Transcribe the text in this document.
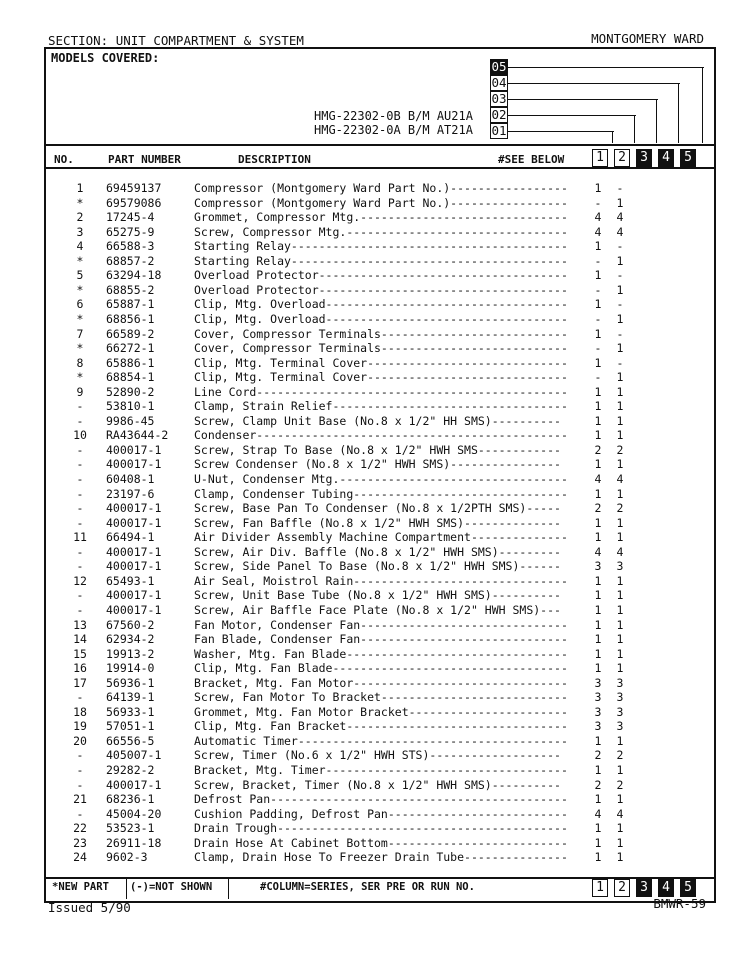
SECTION: UNIT COMPARTMENT & SYSTEM	MONTGOMERY WARD
MODELS COVERED:
05
04
03
02
01
HMG-22302-0B B/M AU21A
HMG-22302-0A B/M AT21A
NO.	PART NUMBER	DESCRIPTION	#SEE BELOW	1	2	3	4	5
1	69459137	Compressor (Montgomery Ward Part No.)----------------- 1 -
*	69579086	Compressor (Montgomery Ward Part No.)----------------- - 1
2	17245-4	Grommet, Compressor Mtg.------------------------------ 4 4
3	65275-9	Screw, Compressor Mtg.-------------------------------- 4 4
4	66588-3	Starting Relay---------------------------------------- 1 -
*	68857-2	Starting Relay---------------------------------------- - 1
5	63294-18	Overload Protector------------------------------------ 1 -
*	68855-2	Overload Protector------------------------------------ - 1
6	65887-1	Clip, Mtg. Overload----------------------------------- 1 -
*	68856-1	Clip, Mtg. Overload----------------------------------- - 1
7	66589-2	Cover, Compressor Terminals--------------------------- 1 -
*	66272-1	Cover, Compressor Terminals--------------------------- - 1
8	65886-1	Clip, Mtg. Terminal Cover----------------------------- 1 -
*	68854-1	Clip, Mtg. Terminal Cover----------------------------- - 1
9	52890-2	Line Cord--------------------------------------------- 1 1
-	53810-1	Clamp, Strain Relief---------------------------------- 1 1
-	9986-45	Screw, Clamp Unit Base (No.8 x 1/2" HH SMS)----------	1 1
10	RA43644-2 Condenser--------------------------------------------- 1 1
-	400017-1	Screw, Strap To Base (No.8 x 1/2" HWH SMS------------	2 2
-	400017-1	Screw Condenser (No.8 x 1/2" HWH SMS)----------------	1 1
-	60408-1	U-Nut, Condenser Mtg.--------------------------------- 4 4
-	23197-6	Clamp, Condenser Tubing------------------------------- 1 1
-	400017-1	Screw, Base Pan To Condenser (No.8 x 1/2PTH SMS)-----	2 2
-	400017-1	Screw, Fan Baffle (No.8 x 1/2" HWH SMS)--------------	1 1
11	66494-1	Air Divider Assembly Machine Compartment-------------- 1 1
-	400017-1	Screw, Air Div. Baffle (No.8 x 1/2" HWH SMS)---------	4 4
-	400017-1	Screw, Side Panel To Base (No.8 x 1/2" HWH SMS)------	3 3
12	65493-1	Air Seal, Moistrol Rain------------------------------- 1 1
-	400017-1	Screw, Unit Base Tube (No.8 x 1/2" HWH SMS)----------	1 1
-	400017-1	Screw, Air Baffle Face Plate (No.8 x 1/2" HWH SMS)---	1 1
13	67560-2	Fan Motor, Condenser Fan------------------------------ 1 1
14	62934-2	Fan Blade, Condenser Fan------------------------------ 1 1
15	19913-2	Washer, Mtg. Fan Blade-------------------------------- 1 1
16	19914-0	Clip, Mtg. Fan Blade---------------------------------- 1 1
17	56936-1	Bracket, Mtg. Fan Motor------------------------------- 3 3
-	64139-1	Screw, Fan Motor To Bracket--------------------------- 3 3
18	56933-1	Grommet, Mtg. Fan Motor Bracket----------------------- 3 3
19	57051-1	Clip, Mtg. Fan Bracket-------------------------------- 3 3
20	66556-5	Automatic Timer--------------------------------------- 1 1
-	405007-1	Screw, Timer (No.6 x 1/2" HWH STS)-------------------	2 2
-	29282-2	Bracket, Mtg. Timer----------------------------------- 1 1
-	400017-1	Screw, Bracket, Timer (No.8 x 1/2" HWH SMS)----------	2 2
21	68236-1	Defrost Pan------------------------------------------- 1 1
-	45004-20	Cushion Padding, Defrost Pan-------------------------- 4 4
22	53523-1	Drain Trough------------------------------------------ 1 1
23	26911-18	Drain Hose At Cabinet Bottom-------------------------- 1 1
24	9602-3	Clamp, Drain Hose To Freezer Drain Tube--------------- 1 1
*NEW PART (-)=NOT SHOWN	#COLUMN=SERIES, SER PRE OR RUN NO.	1	2	3	4	5
Issued 5/90	BMWR-59
